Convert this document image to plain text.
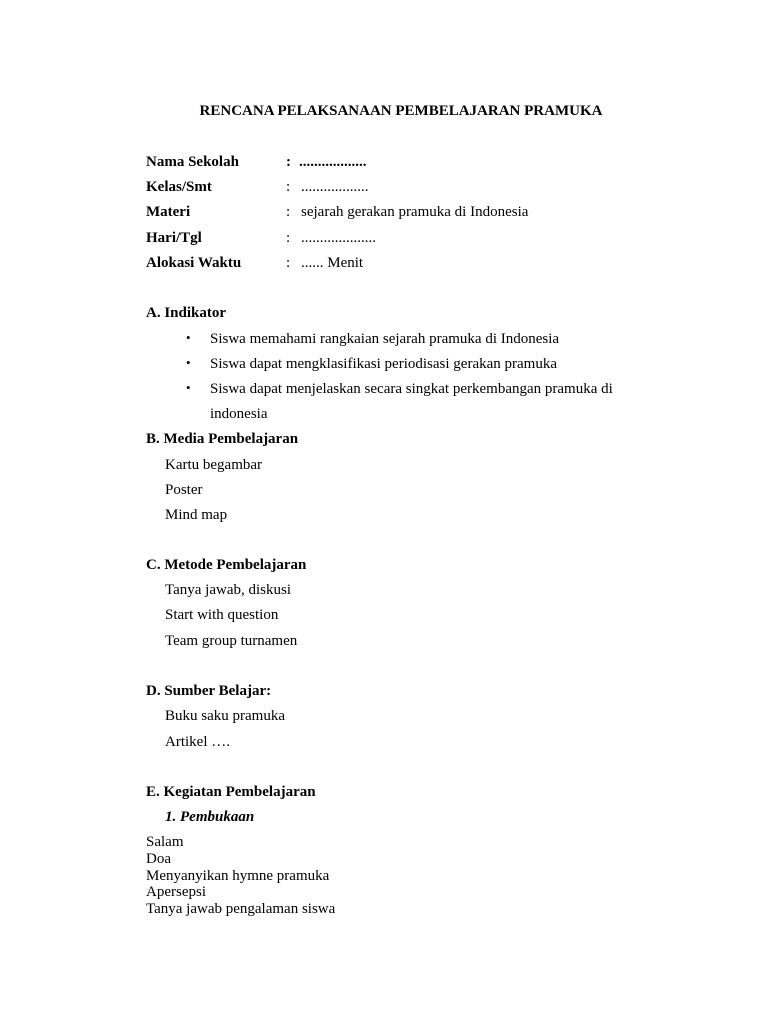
RENCANA PELAKSANAAN PEMBELAJARAN PRAMUKA
Nama Sekolah	: ..................
Kelas/Smt	: ..................
Materi	: sejarah gerakan pramuka di Indonesia
Hari/Tgl	: ....................
Alokasi Waktu	: ...... Menit
A. Indikator
• Siswa memahami rangkaian sejarah pramuka di Indonesia
• Siswa dapat mengklasifikasi periodisasi gerakan pramuka
• Siswa dapat menjelaskan secara singkat perkembangan pramuka di
indonesia
B. Media Pembelajaran
Kartu begambar
Poster
Mind map
C. Metode Pembelajaran
Tanya jawab, diskusi
Start with question
Team group turnamen
D. Sumber Belajar:
Buku saku pramuka
Artikel ….
E. Kegiatan Pembelajaran
1. Pembukaan
Salam
Doa
Menyanyikan hymne pramuka
Apersepsi
Tanya jawab pengalaman siswa
